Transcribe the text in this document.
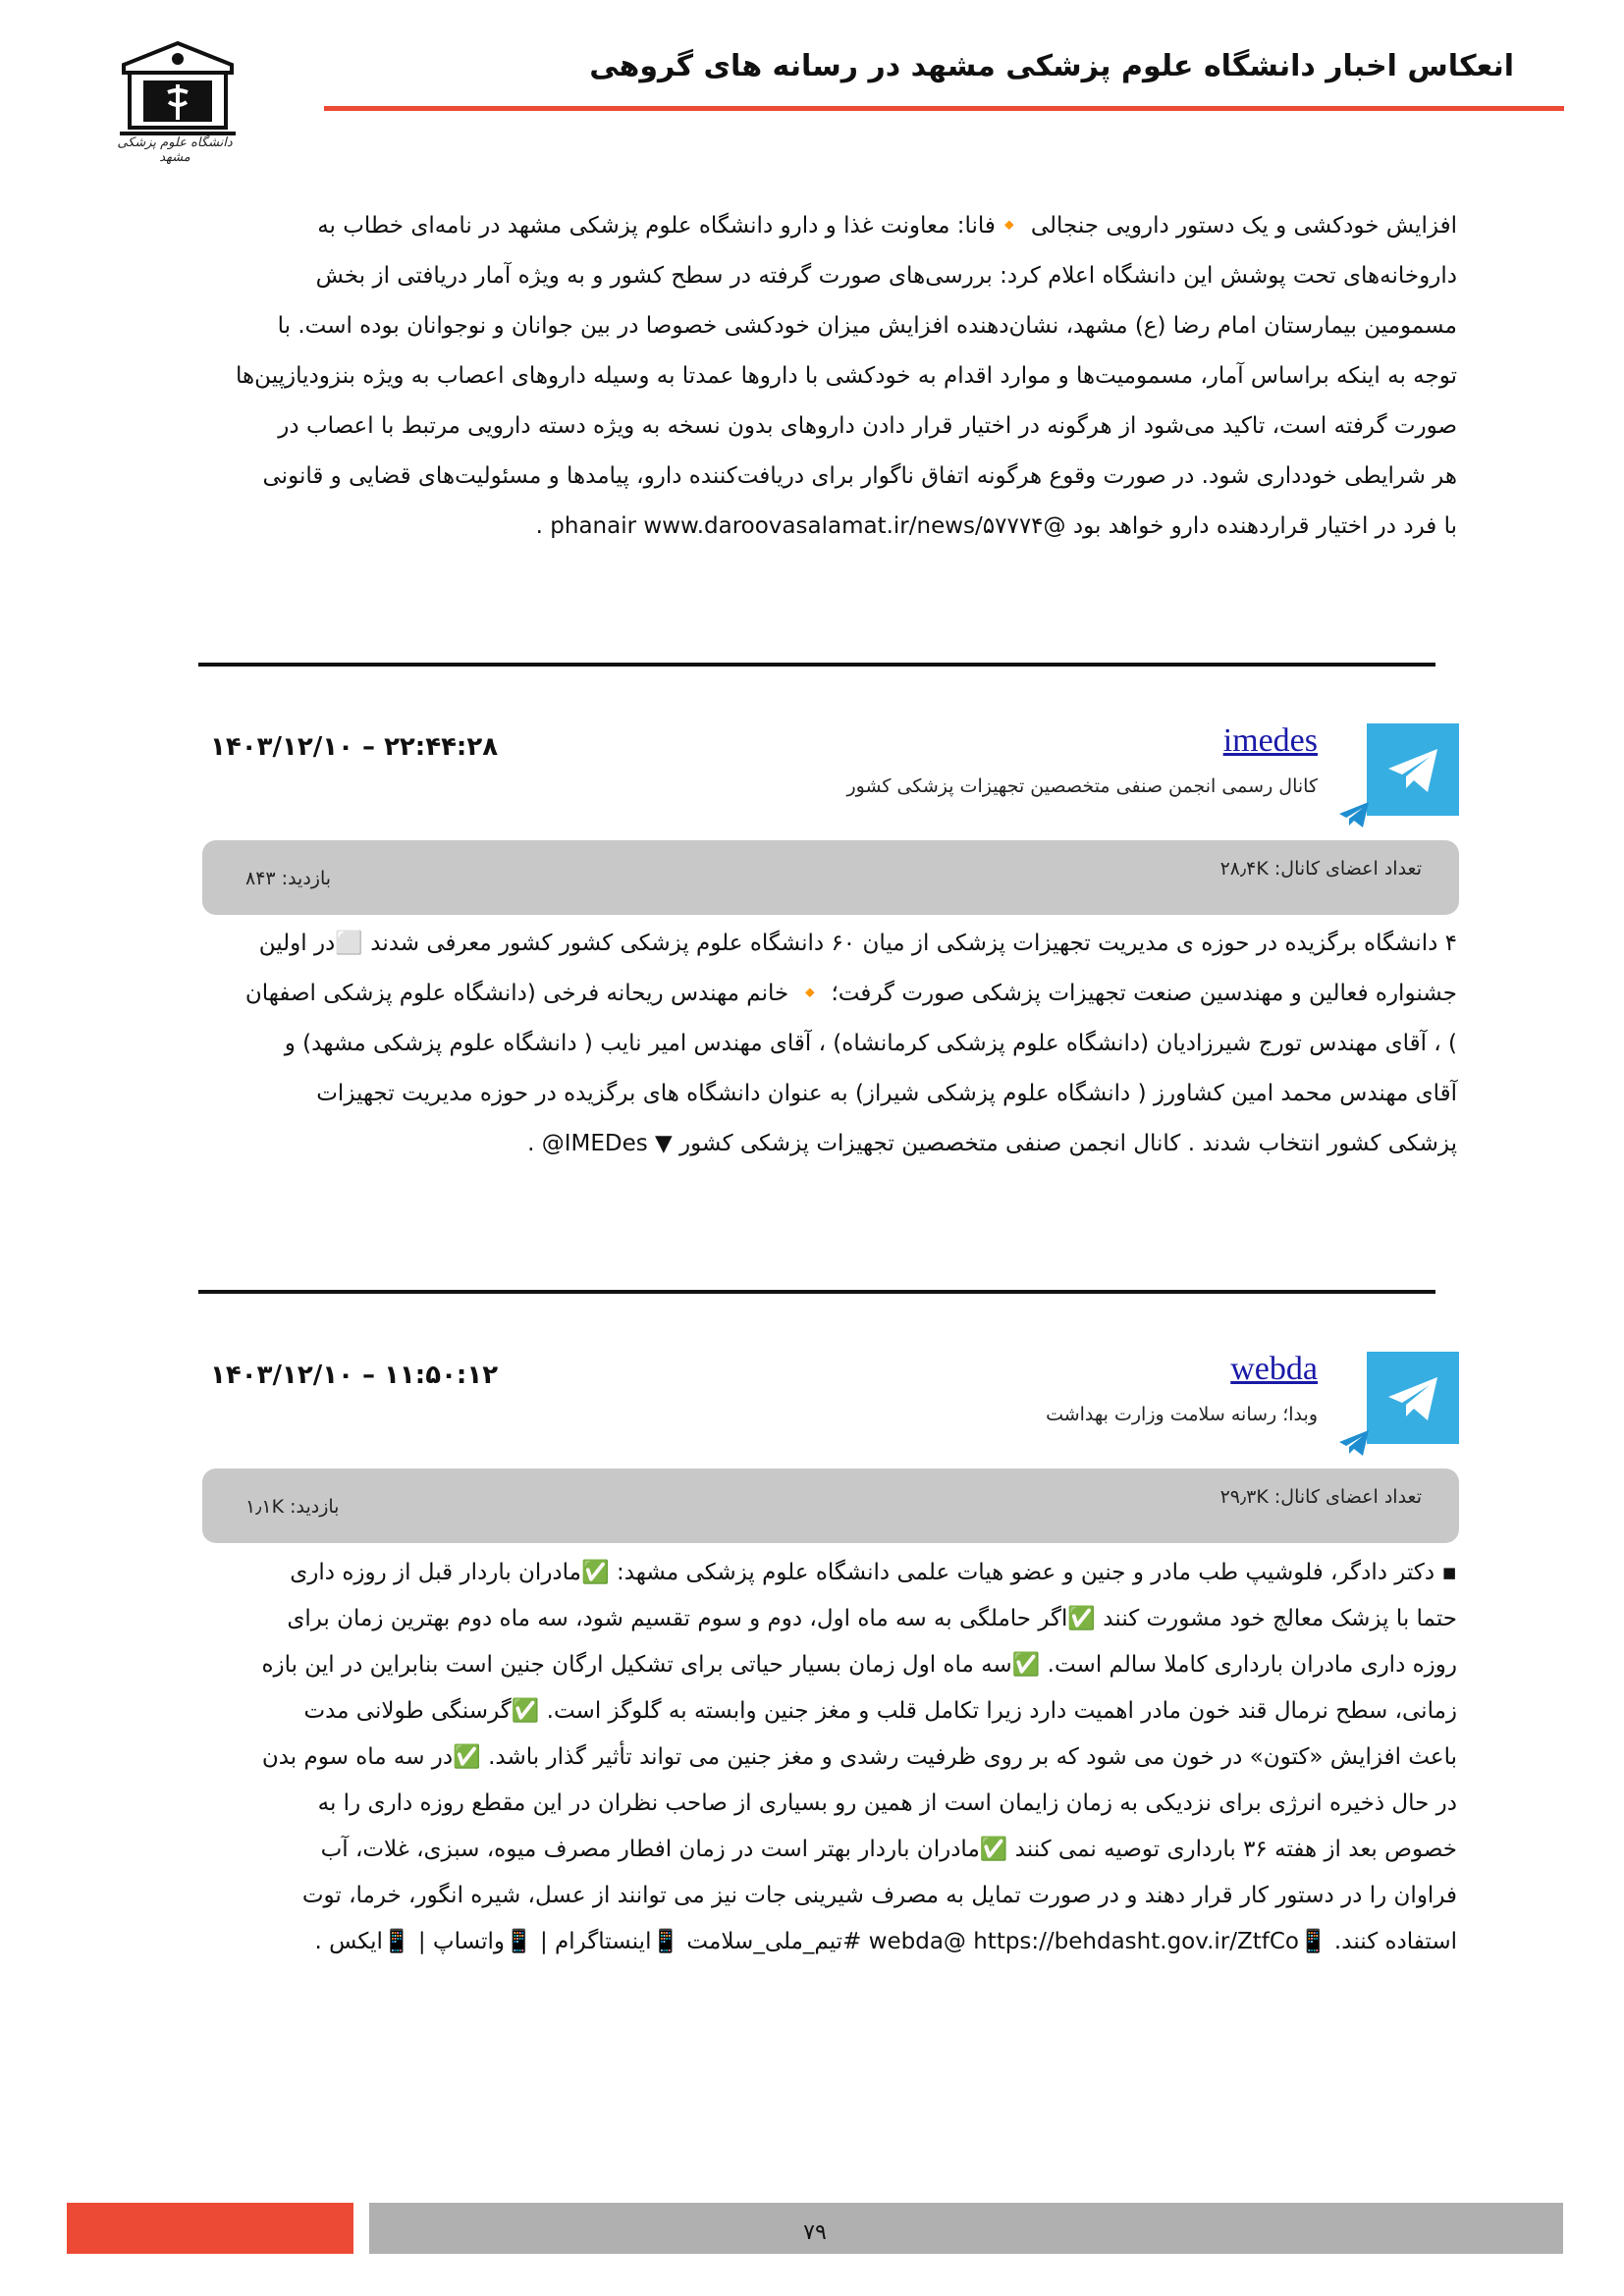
انعکاس اخبار دانشگاه علوم پزشکی مشهد در رسانه های گروهی
دانشگاه علوم پزشکی مشهد
افزایش خودکشی و یک دستور دارویی جنجالی 🔸فانا: معاونت غذا و دارو دانشگاه علوم پزشکی مشهد در نامه‌ای خطاب به
داروخانه‌های تحت پوشش این دانشگاه اعلام کرد: بررسی‌های صورت گرفته در سطح کشور و به ویژه آمار دریافتی از بخش
مسمومین بیمارستان امام رضا (ع) مشهد، نشان‌دهنده افزایش میزان خودکشی خصوصا در بین جوانان و نوجوانان بوده است. با
توجه به اینکه براساس آمار، مسمومیت‌ها و موارد اقدام به خودکشی با داروها عمدتا به وسیله داروهای اعصاب به ویژه بنزودیازپین‌ها
صورت گرفته است، تاکید می‌شود از هرگونه در اختیار قرار دادن داروهای بدون نسخه به ویژه دسته دارویی مرتبط با اعصاب در
هر شرایطی خودداری شود. در صورت وقوع هرگونه اتفاق ناگوار برای دریافت‌کننده دارو، پیامدها و مسئولیت‌های قضایی و قانونی
با فرد در اختیار قراردهنده دارو خواهد بود @phanair www.daroovasalamat.ir/news/۵۷۷۷۴ .
imedes
کانال رسمی انجمن صنفی متخصصین تجهیزات پزشکی کشور
۲۲:۴۴:۲۸ – ۱۴۰۳/۱۲/۱۰
تعداد اعضای کانال: ۲۸٫۴K
بازدید: ۸۴۳
۴ دانشگاه برگزیده در حوزه ی مدیریت تجهیزات پزشکی از میان ۶۰ دانشگاه علوم پزشکی کشور کشور معرفی شدند ⬜در اولین
جشنواره فعالین و مهندسین صنعت تجهیزات پزشکی صورت گرفت؛ 🔸 خانم مهندس ریحانه فرخی (دانشگاه علوم پزشکی اصفهان
) ، آقای مهندس تورج شیرزادیان (دانشگاه علوم پزشکی کرمانشاه) ، آقای مهندس امیر نایب ( دانشگاه علوم پزشکی مشهد) و
آقای مهندس محمد امین کشاورز ( دانشگاه علوم پزشکی شیراز) به عنوان دانشگاه های برگزیده در حوزه مدیریت تجهیزات
پزشکی کشور انتخاب شدند . کانال انجمن صنفی متخصصین تجهیزات پزشکی کشور ▼ IMEDes@ .
webda
وبدا؛ رسانه سلامت وزارت بهداشت
۱۱:۵۰:۱۲ – ۱۴۰۳/۱۲/۱۰
تعداد اعضای کانال: ۲۹٫۳K
بازدید: ۱٫۱K
▪ دکتر دادگر، فلوشیپ طب مادر و جنین و عضو هیات علمی دانشگاه علوم پزشکی مشهد: ✅مادران باردار قبل از روزه داری
حتما با پزشک معالج خود مشورت کنند ✅اگر حاملگی به سه ماه اول، دوم و سوم تقسیم شود، سه ماه دوم بهترین زمان برای
روزه داری مادران بارداری کاملا سالم است. ✅سه ماه اول زمان بسیار حیاتی برای تشکیل ارگان جنین است بنابراین در این بازه
زمانی، سطح نرمال قند خون مادر اهمیت دارد زیرا تکامل قلب و مغز جنین وابسته به گلوگز است. ✅گرسنگی طولانی مدت
باعث افزایش «کتون» در خون می شود که بر روی ظرفیت رشدی و مغز جنین می تواند تأثیر گذار باشد. ✅در سه ماه سوم بدن
در حال ذخیره انرژی برای نزدیکی به زمان زایمان است از همین رو بسیاری از صاحب نظران در این مقطع روزه داری را به
خصوص بعد از هفته ۳۶ بارداری توصیه نمی کنند ✅مادران باردار بهتر است در زمان افطار مصرف میوه، سبزی، غلات، آب
فراوان را در دستور کار قرار دهند و در صورت تمایل به مصرف شیرینی جات نیز می توانند از عسل، شیره انگور، خرما، توت
استفاده کنند. 📱webda@ https://behdasht.gov.ir/ZtfCo #تیم_ملی_سلامت 📱اینستاگرام | 📱واتساپ | 📱ایکس .
۷۹
